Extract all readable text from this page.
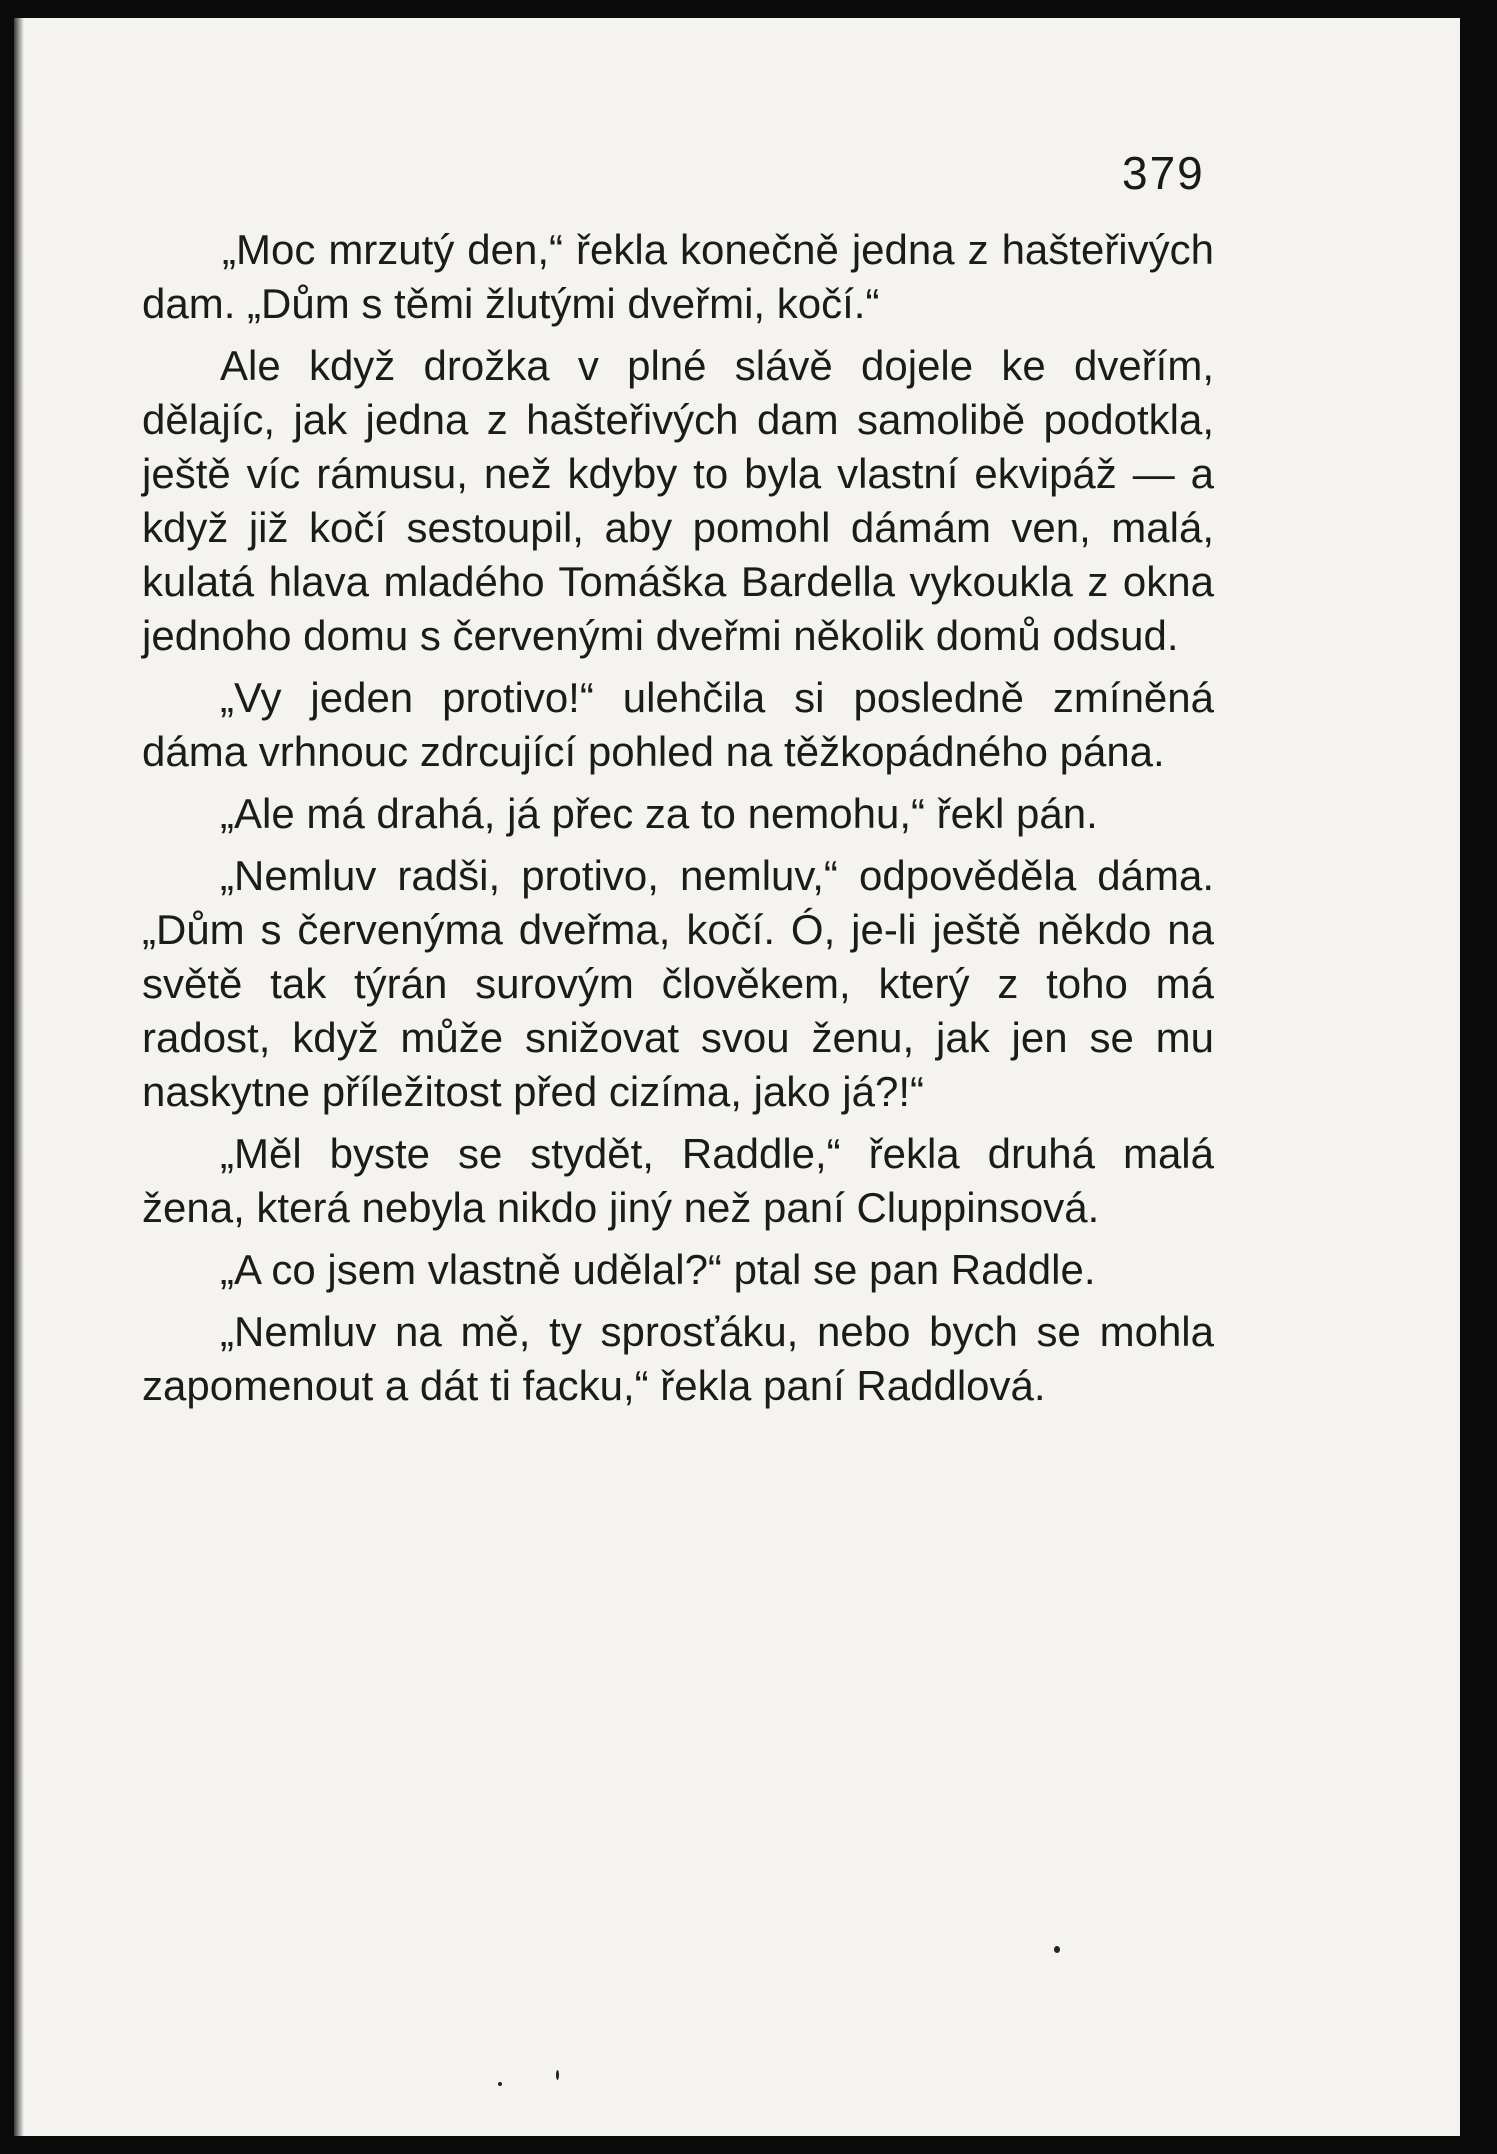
379

„Moc mrzutý den,“ řekla konečně jedna z hašteřivých dam. „Dům s těmi žlutými dveřmi, kočí.“

Ale když drožka v plné slávě dojele ke dveřím, dělajíc, jak jedna z hašteřivých dam samolibě podotkla, ještě víc rámusu, než kdyby to byla vlastní ekvipáž — a když již kočí sestoupil, aby pomohl dámám ven, malá, kulatá hlava mladého Tomáška Bardella vykoukla z okna jednoho domu s červenými dveřmi několik domů odsud.

„Vy jeden protivo!“ ulehčila si posledně zmíněná dáma vrhnouc zdrcující pohled na těžkopádného pána.

„Ale má drahá, já přec za to nemohu,“ řekl pán.

„Nemluv radši, protivo, nemluv,“ odpověděla dáma. „Dům s červenýma dveřma, kočí. Ó, je-li ještě někdo na světě tak týrán surovým člověkem, který z toho má radost, když může snižovat svou ženu, jak jen se mu naskytne příležitost před cizíma, jako já?!“

„Měl byste se stydět, Raddle,“ řekla druhá malá žena, která nebyla nikdo jiný než paní Cluppinsová.

„A co jsem vlastně udělal?“ ptal se pan Raddle.

„Nemluv na mě, ty sprosťáku, nebo bych se mohla zapomenout a dát ti facku,“ řekla paní Raddlová.
